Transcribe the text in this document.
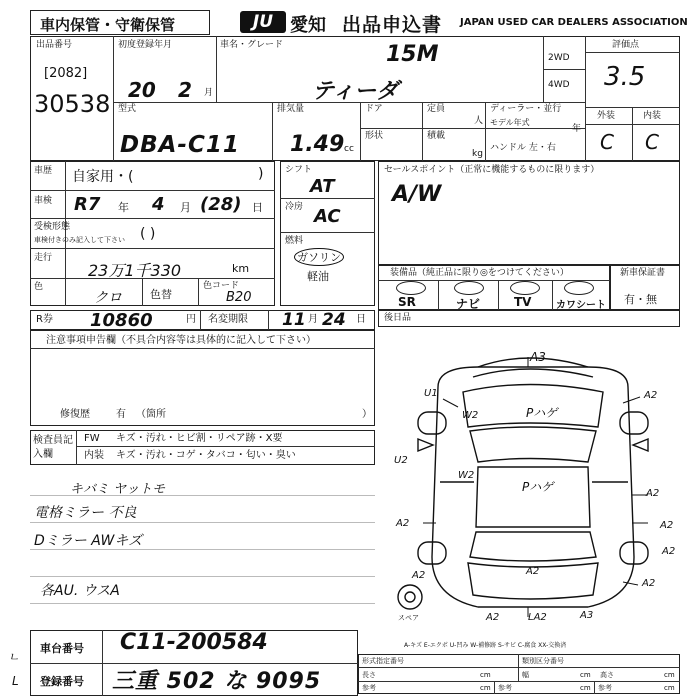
車内保管・守衛保管	JU 愛知 出品申込書 JAPAN USED CAR DEALERS ASSOCIATION
出品番号
[2082]
30538
初度登録年月
20 2 月
車名・グレード	15M
ティーダ
2WD
4WD
評価点
3.5
外装	内装
C C
型式
DBA-C11
排気量
1.49 cc
ドア
形状
定員
人
積載
kg
ディーラー・並行
モデル年式
年
ハンドル 左・右
車歴 自家用・(	)
車検 R7 年 4 月 (28) 日
受検形態
車検付きのみ記入して下さい ( )
走行
23万1千330	km
色
クロ	色替
色コード
B20
シフト
AT
冷房 AC
燃料
ガソリン
軽油
セールスポイント（正常に機能するものに限ります）
A/W
装備品（純正品に限り◎をつけてください）
SR	ナビ	TV カワシート
新車保証書
有・無
R券 10860	円 名変期限 11 月 24 日
注意事項申告欄（不具合内容等は具体的に記入して下さい）
修復歴	有 （箇所	）
後日品
検査員記入欄
FW キズ・汚れ・ヒビ割・リペア跡・X要
内装 キズ・汚れ・コゲ・タバコ・匂い・臭い
キバミ ヤットモ
電格ミラー 不良
Dミラー AWキズ
各AU. ウスA
A3
U1	A2
W2	Pハゲ
U2
W2
Pハゲ	A2
A2
A2
A2
A2	A2
A2
A2	LA2	A3
スペア
A-キズ E-エクボ U-凹み W-補修跡 S-サビ C-腐食 XX-交換済
ㄴ
L
車台番号 C11-200584
登録番号 三重 502 な 9095
形式指定番号	類別区分番号
長さ	cm	幅	cm 高さ	cm
参考	cm 参考	cm 参考	cm
